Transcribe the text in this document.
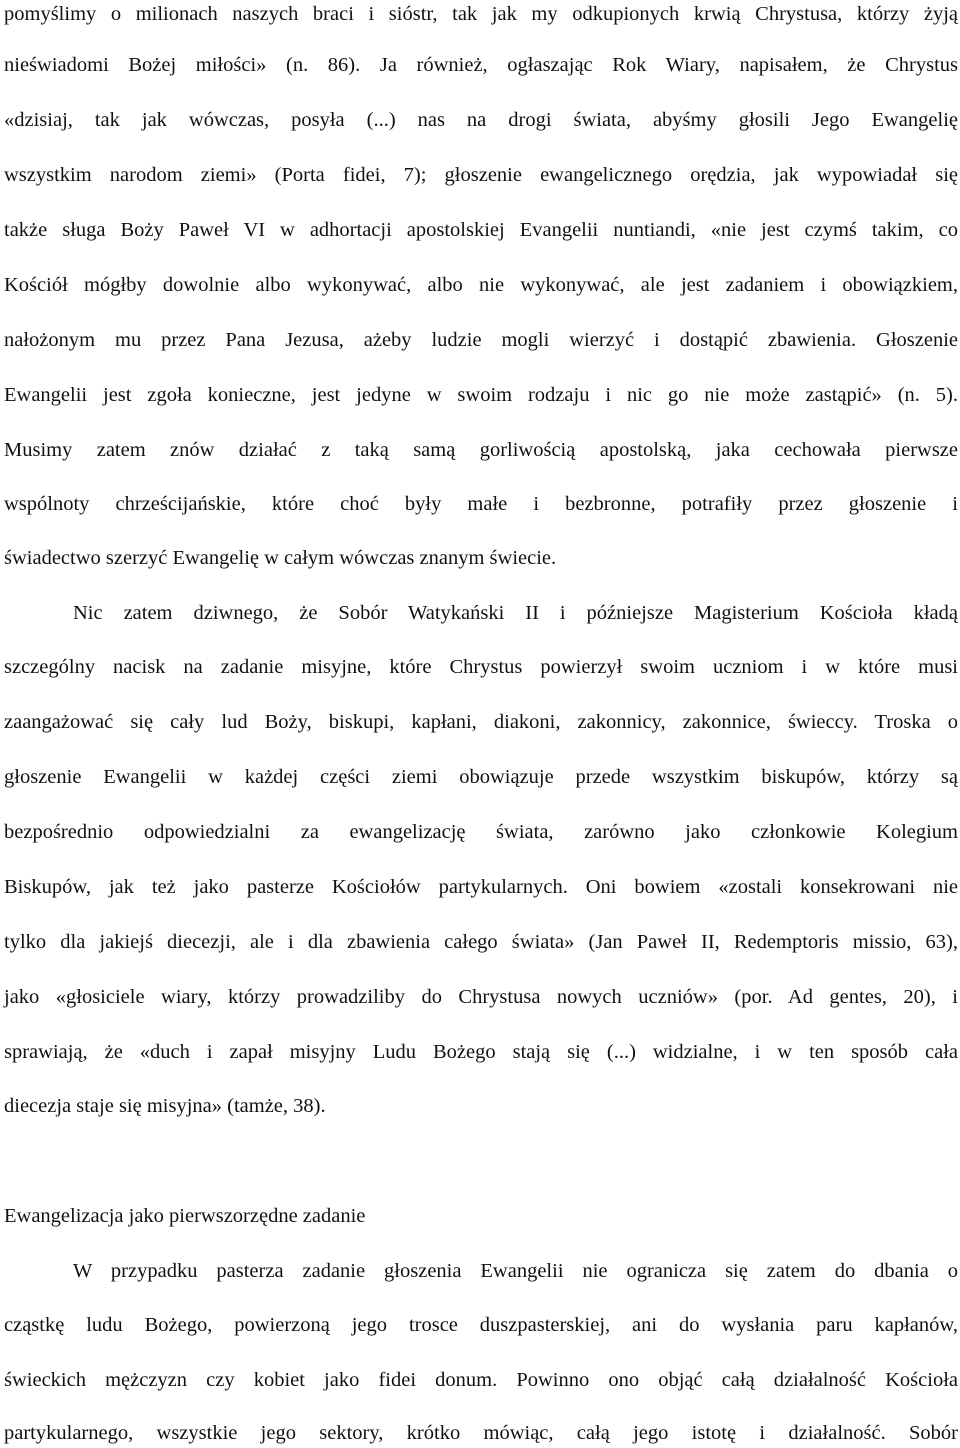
pomyślimy o milionach naszych braci i sióstr, tak jak my odkupionych krwią Chrystusa, którzy żyją
nieświadomi Bożej miłości» (n. 86). Ja również, ogłaszając Rok Wiary, napisałem, że Chrystus
«dzisiaj, tak jak wówczas, posyła (...) nas na drogi świata, abyśmy głosili Jego Ewangelię
wszystkim narodom ziemi» (Porta fidei, 7); głoszenie ewangelicznego orędzia, jak wypowiadał się
także sługa Boży Paweł VI w adhortacji apostolskiej Evangelii nuntiandi, «nie jest czymś takim, co
Kościół mógłby dowolnie albo wykonywać, albo nie wykonywać, ale jest zadaniem i obowiązkiem,
nałożonym mu przez Pana Jezusa, ażeby ludzie mogli wierzyć i dostąpić zbawienia. Głoszenie
Ewangelii jest zgoła konieczne, jest jedyne w swoim rodzaju i nic go nie może zastąpić» (n. 5).
Musimy zatem znów działać z taką samą gorliwością apostolską, jaka cechowała pierwsze
wspólnoty chrześcijańskie, które choć były małe i bezbronne, potrafiły przez głoszenie i
świadectwo szerzyć Ewangelię w całym wówczas znanym świecie.
Nic zatem dziwnego, że Sobór Watykański II i późniejsze Magisterium Kościoła kładą
szczególny nacisk na zadanie misyjne, które Chrystus powierzył swoim uczniom i w które musi
zaangażować się cały lud Boży, biskupi, kapłani, diakoni, zakonnicy, zakonnice, świeccy. Troska o
głoszenie Ewangelii w każdej części ziemi obowiązuje przede wszystkim biskupów, którzy są
bezpośrednio odpowiedzialni za ewangelizację świata, zarówno jako członkowie Kolegium
Biskupów, jak też jako pasterze Kościołów partykularnych. Oni bowiem «zostali konsekrowani nie
tylko dla jakiejś diecezji, ale i dla zbawienia całego świata» (Jan Paweł II, Redemptoris missio, 63),
jako «głosiciele wiary, którzy prowadziliby do Chrystusa nowych uczniów» (por. Ad gentes, 20), i
sprawiają, że «duch i zapał misyjny Ludu Bożego stają się (...) widzialne, i w ten sposób cała
diecezja staje się misyjna» (tamże, 38).
Ewangelizacja jako pierwszorzędne zadanie
W przypadku pasterza zadanie głoszenia Ewangelii nie ogranicza się zatem do dbania o
cząstkę ludu Bożego, powierzoną jego trosce duszpasterskiej, ani do wysłania paru kapłanów,
świeckich mężczyzn czy kobiet jako fidei donum. Powinno ono objąć całą działalność Kościoła
partykularnego, wszystkie jego sektory, krótko mówiąc, całą jego istotę i działalność. Sobór
